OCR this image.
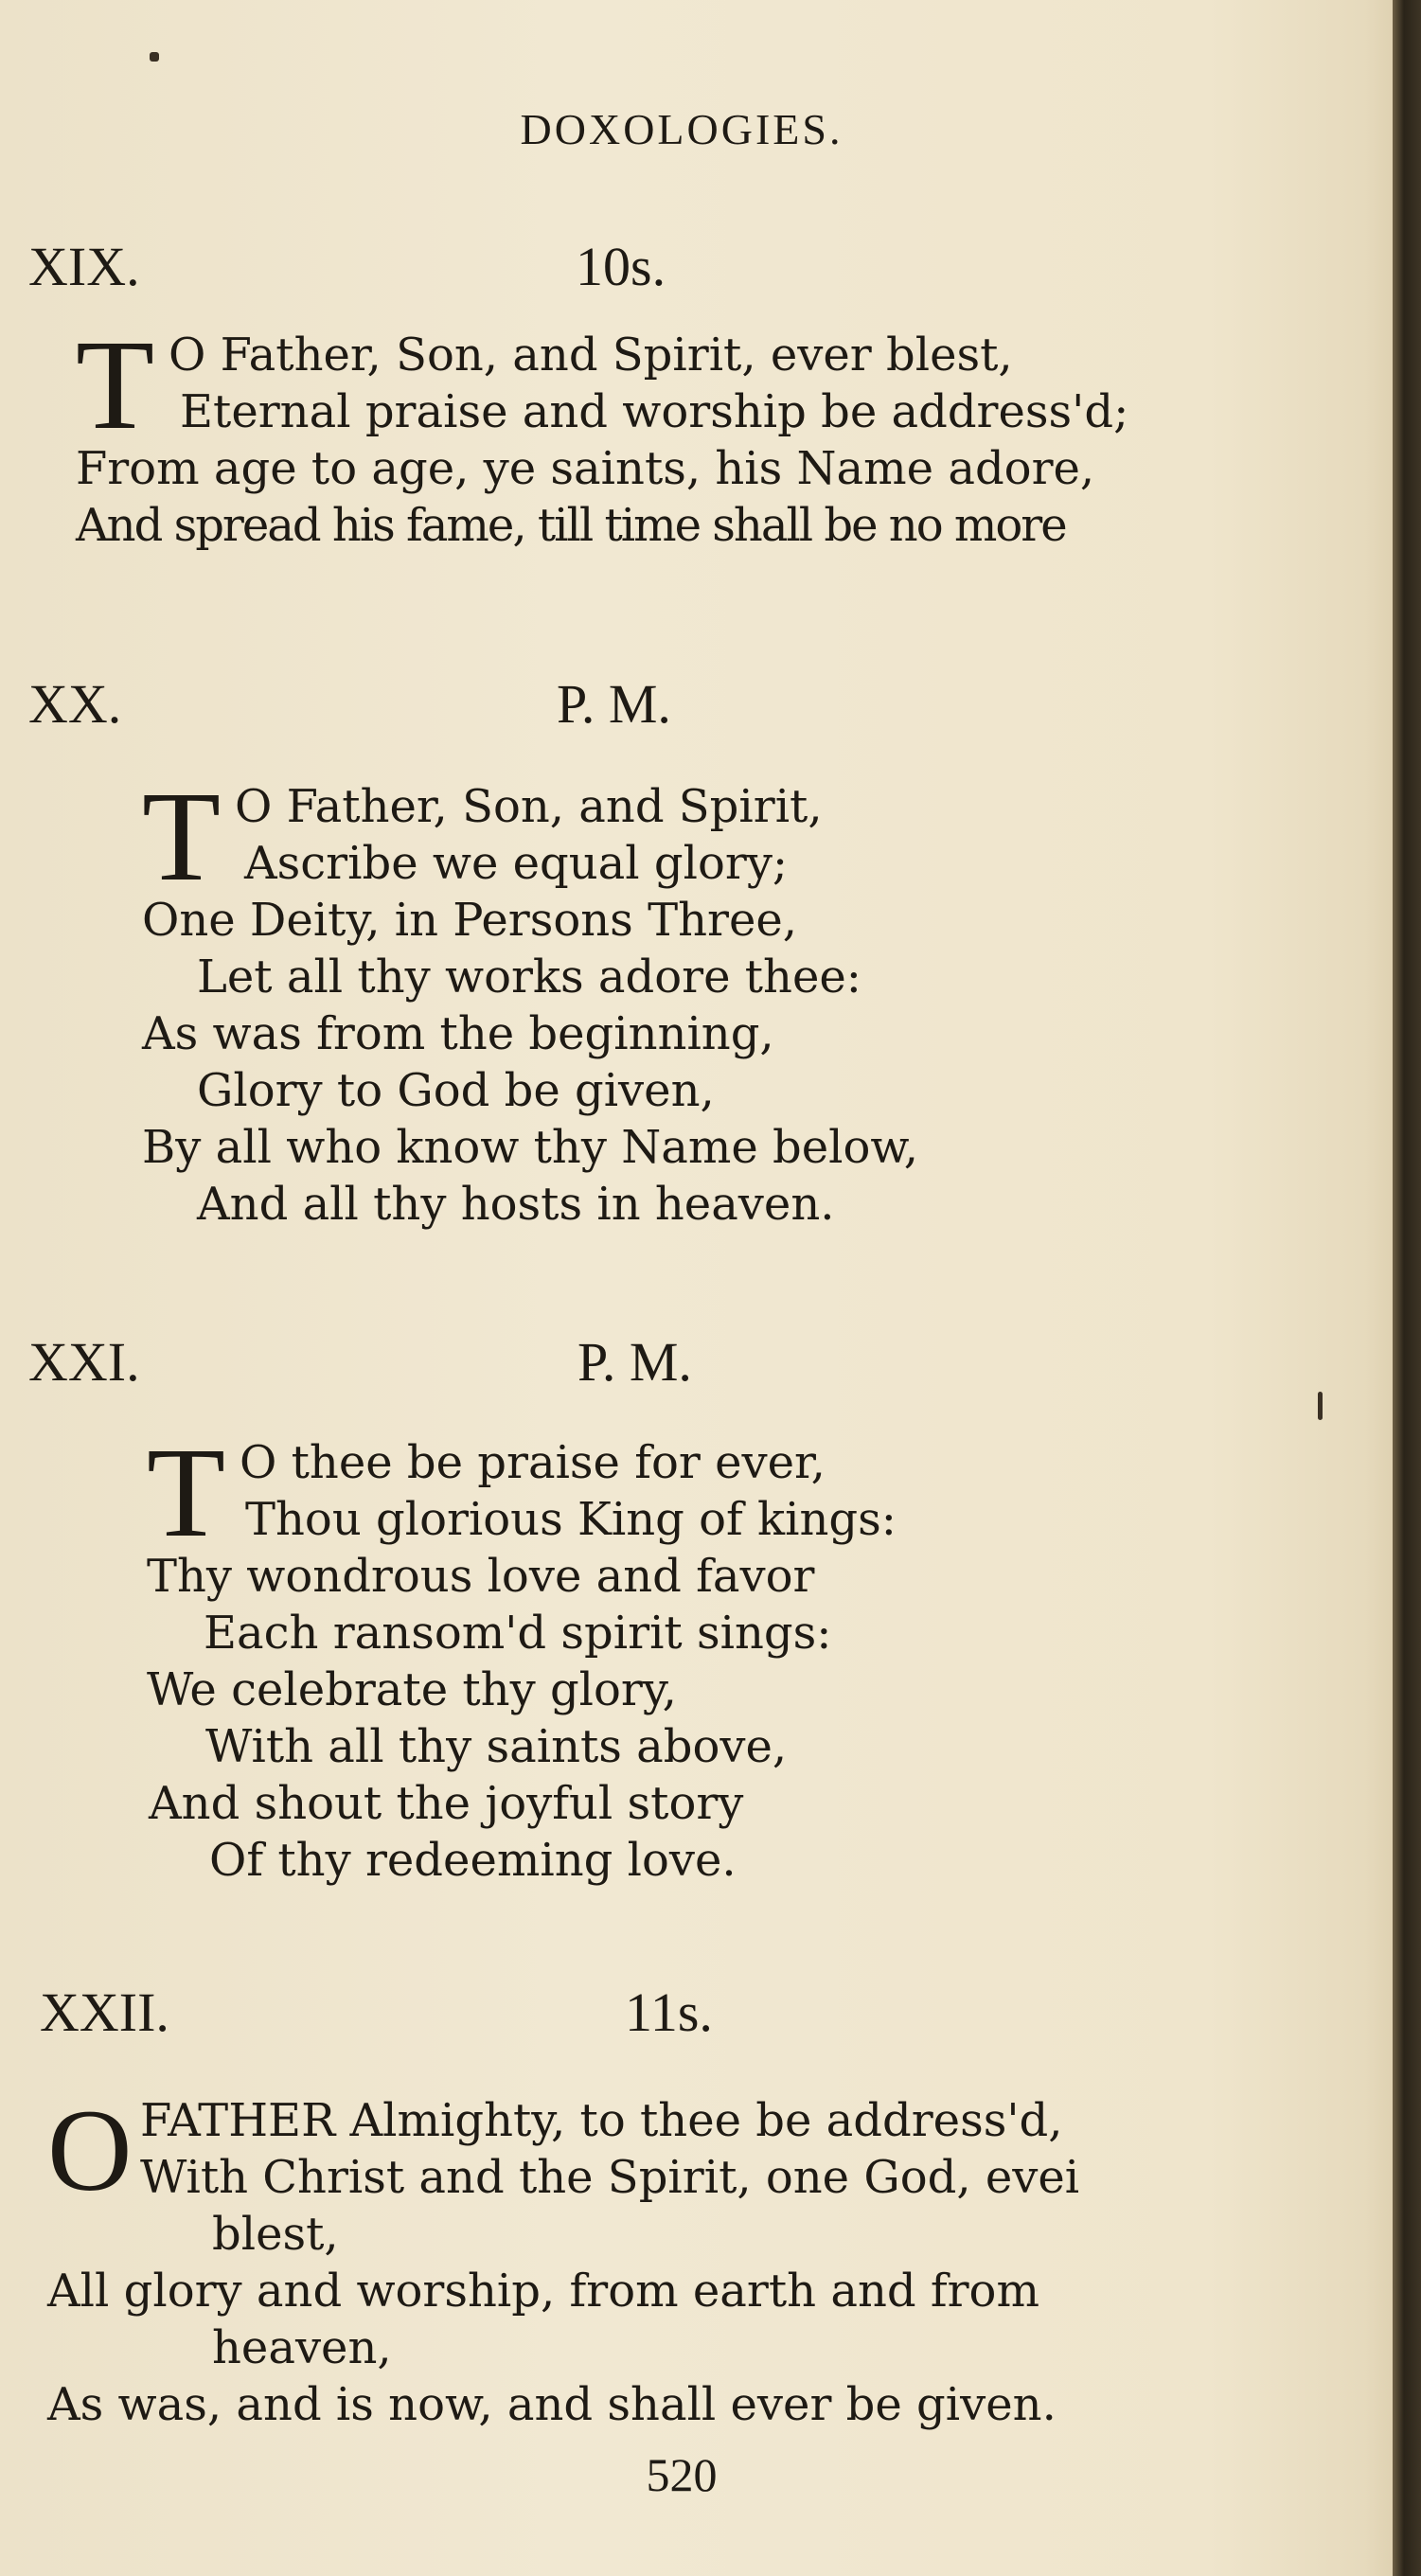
DOXOLOGIES.
XIX.	10s.
T O Father, Son, and Spirit, ever blest,
Eternal praise and worship be address'd;
From age to age, ye saints, his Name adore,
And spread his fame, till time shall be no more
XX.	P. M.
T O Father, Son, and Spirit,
Ascribe we equal glory;
One Deity, in Persons Three,
Let all thy works adore thee:
As was from the beginning,
Glory to God be given,
By all who know thy Name below,
And all thy hosts in heaven.
XXI.	P. M.
T O thee be praise for ever,
Thou glorious King of kings:
Thy wondrous love and favor
Each ransom'd spirit sings:
We celebrate thy glory,
With all thy saints above,
And shout the joyful story
Of thy redeeming love.
XXII.	11s.
O FATHER Almighty, to thee be address'd,
With Christ and the Spirit, one God, evei
blest,
All glory and worship, from earth and from
heaven,
As was, and is now, and shall ever be given.
520
